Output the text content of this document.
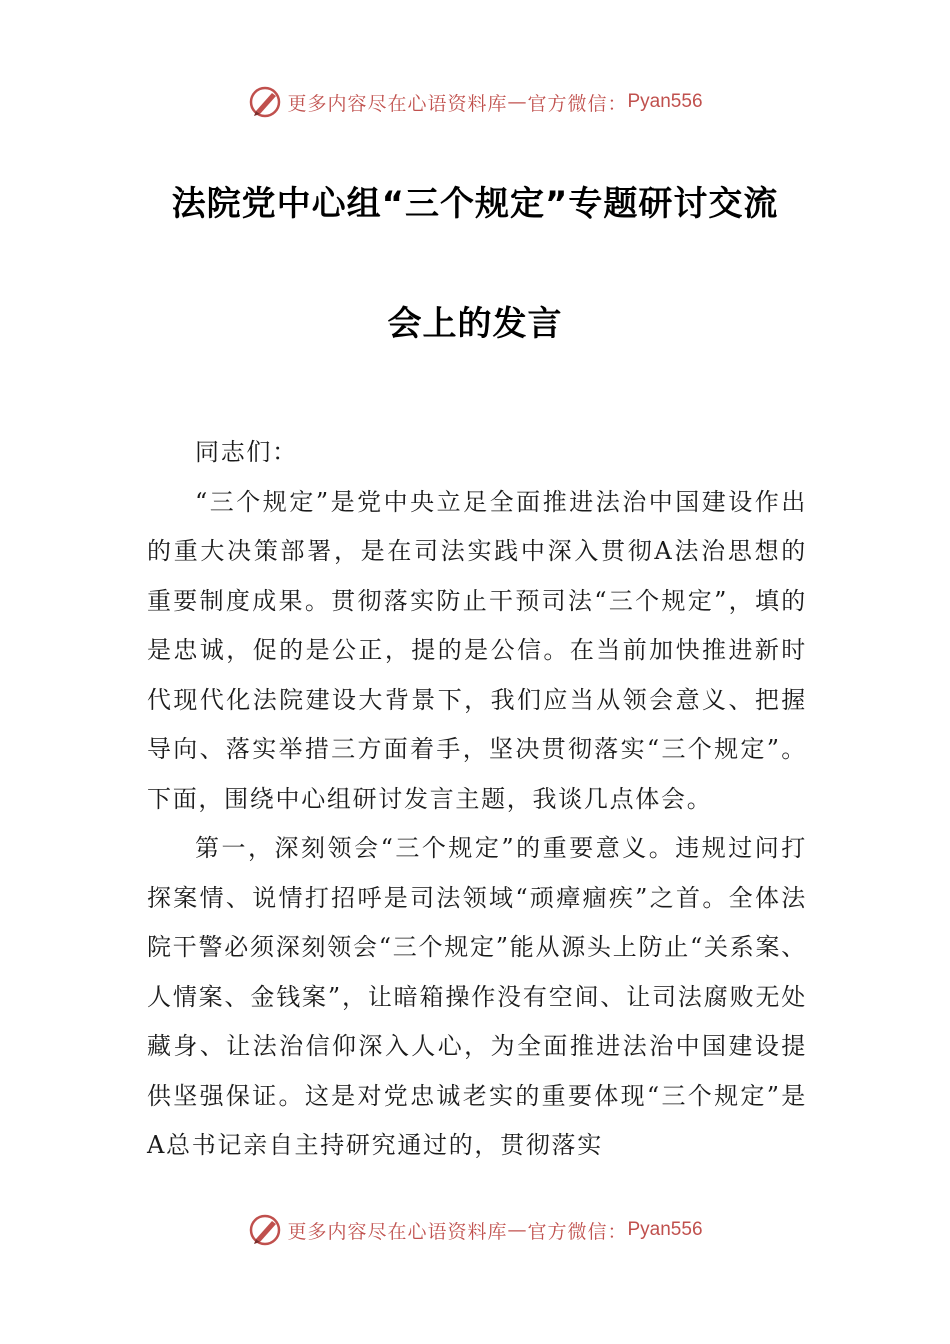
更多内容尽在心语资料库 — 官方微信： Pyan556
法院党中心组“三个规定”专题研讨交流
会上的发言

同志们：

“三个规定”是党中央立足全面推进法治中国建设作出的重大决策部署，是在司法实践中深入贯彻A法治思想的重要制度成果。贯彻落实防止干预司法“三个规定”，填的是忠诚，促的是公正，提的是公信。在当前加快推进新时代现代化法院建设大背景下，我们应当从领会意义、把握导向、落实举措三方面着手，坚决贯彻落实“三个规定”。下面，围绕中心组研讨发言主题，我谈几点体会。

第一，深刻领会“三个规定”的重要意义。违规过问打探案情、说情打招呼是司法领域“顽瘴痼疾”之首。全体法院干警必须深刻领会“三个规定”能从源头上防止“关系案、人情案、金钱案”，让暗箱操作没有空间、让司法腐败无处藏身、让法治信仰深入人心，为全面推进法治中国建设提供坚强保证。这是对党忠诚老实的重要体现“三个规定”是A总书记亲自主持研究通过的，贯彻落实

更多内容尽在心语资料库 — 官方微信： Pyan556
